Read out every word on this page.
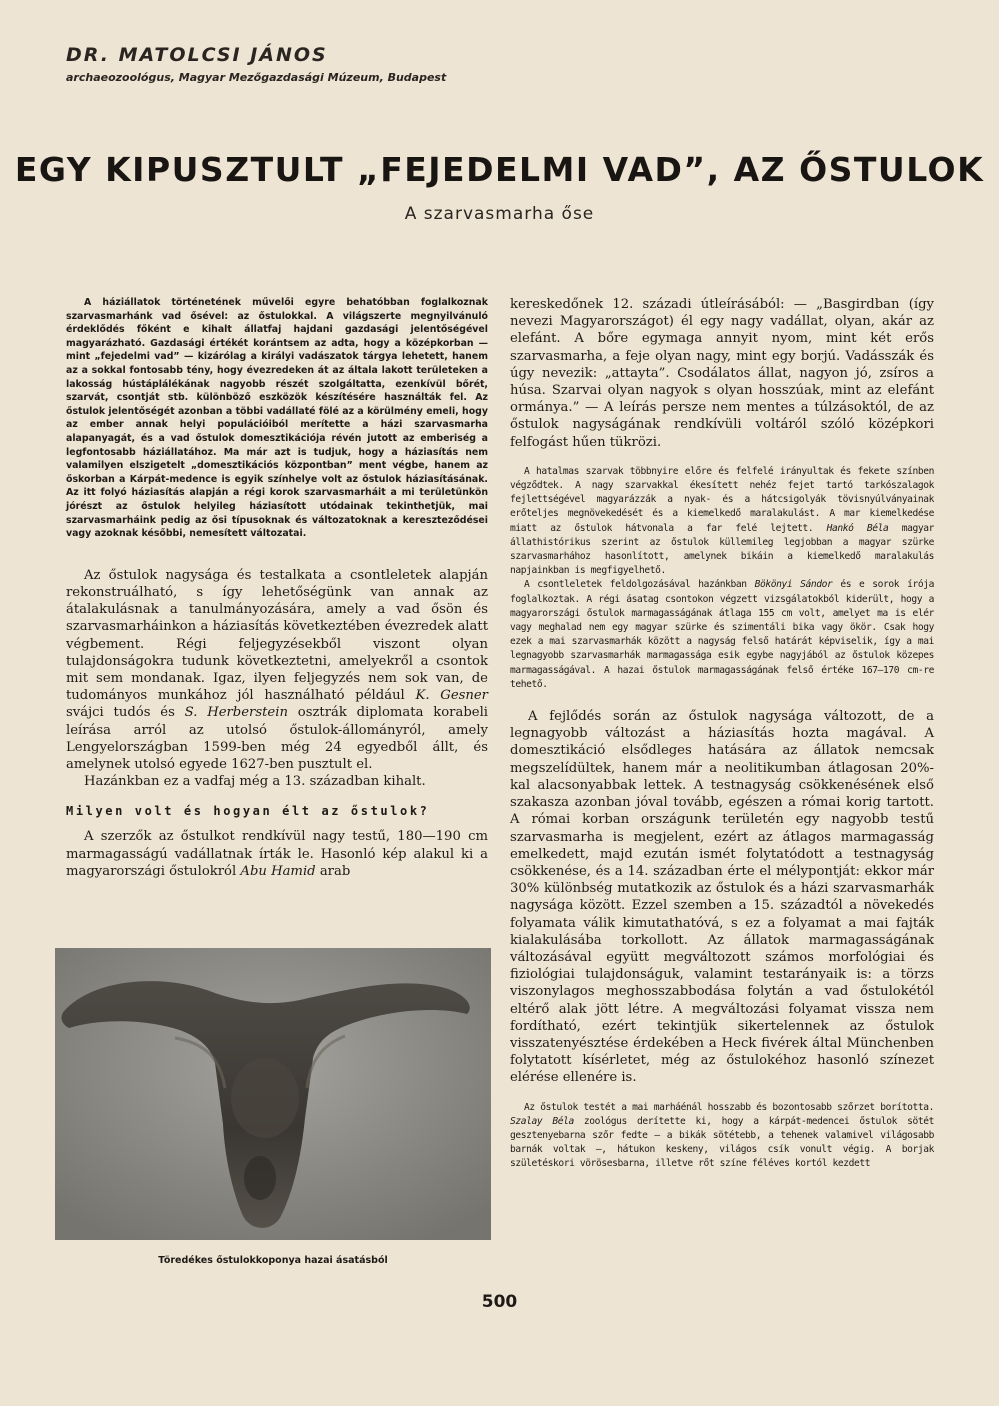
DR. MATOLCSI JÁNOS
archaeozoológus, Magyar Mezőgazdasági Múzeum, Budapest
EGY KIPUSZTULT „FEJEDELMI VAD”, AZ ŐSTULOK
A szarvasmarha őse

A háziállatok történetének művelői egyre behatóbban foglalkoznak szarvasmarhánk vad ősével: az őstulokkal. A világszerte megnyilvánuló érdeklődés főként e kihalt állatfaj hajdani gazdasági jelentőségével magyarázható. Gazdasági értékét korántsem az adta, hogy a középkorban — mint „fejedelmi vad” — kizárólag a királyi vadászatok tárgya lehetett, hanem az a sokkal fontosabb tény, hogy évezredeken át az általa lakott területeken a lakosság hústáplálékának nagyobb részét szolgáltatta, ezenkívül bőrét, szarvát, csontját stb. különböző eszközök készítésére használták fel. Az őstulok jelentőségét azonban a többi vadállaté fölé az a körülmény emeli, hogy az ember annak helyi populációiból merítette a házi szarvasmarha alapanyagát, és a vad őstulok domesztikációja révén jutott az emberiség a legfontosabb háziállatához. Ma már azt is tudjuk, hogy a háziasítás nem valamilyen elszigetelt „domesztikációs központban” ment végbe, hanem az őskorban a Kárpát-medence is egyik színhelye volt az őstulok háziasításának. Az itt folyó háziasítás alapján a régi korok szarvasmarháit a mi területünkön jórészt az őstulok helyileg háziasított utódainak tekinthetjük, mai szarvasmarháink pedig az ősi típusoknak és változatoknak a kereszteződései vagy azoknak későbbi, nemesített változatai.

Az őstulok nagysága és testalkata a csontleletek alapján rekonstruálható, s így lehetőségünk van annak az átalakulásnak a tanulmányozására, amely a vad ősön és szarvasmarháinkon a háziasítás következtében évezredek alatt végbement. Régi feljegyzésekből viszont olyan tulajdonságokra tudunk következtetni, amelyekről a csontok mit sem mondanak. Igaz, ilyen feljegyzés nem sok van, de tudományos munkához jól használható például K. Gesner svájci tudós és S. Herberstein osztrák diplomata korabeli leírása arról az utolsó őstulok-állományról, amely Lengyelországban 1599-ben még 24 egyedből állt, és amelynek utolsó egyede 1627-ben pusztult el.

Hazánkban ez a vadfaj még a 13. században kihalt.

Milyen volt és hogyan élt az őstulok?

A szerzők az őstulkot rendkívül nagy testű, 180—190 cm marmagasságú vadállatnak írták le. Hasonló kép alakul ki a magyarországi őstulokról Abu Hamid arab

Töredékes őstulokkoponya hazai ásatásból

kereskedőnek 12. századi útleírásából: — „Basgirdban (így nevezi Magyarországot) él egy nagy vadállat, olyan, akár az elefánt. A bőre egymaga annyit nyom, mint két erős szarvasmarha, a feje olyan nagy, mint egy borjú. Vadásszák és úgy nevezik: „attayta”. Csodálatos állat, nagyon jó, zsíros a húsa. Szarvai olyan nagyok s olyan hosszúak, mint az elefánt ormánya.” — A leírás persze nem mentes a túlzásoktól, de az őstulok nagyságának rendkívüli voltáról szóló középkori felfogást hűen tükrözi.

A hatalmas szarvak többnyire előre és felfelé irányultak és fekete színben végződtek. A nagy szarvakkal ékesített nehéz fejet tartó tarkószalagok fejlettségével magyarázzák a nyak- és a hátcsigolyák tövisnyúlványainak erőteljes megnövekedését és a kiemelkedő maralakulást. A mar kiemelkedése miatt az őstulok hátvonala a far felé lejtett. Hankó Béla magyar állathistórikus szerint az őstulok küllemileg legjobban a magyar szürke szarvasmarhához hasonlított, amelynek bikáin a kiemelkedő maralakulás napjainkban is megfigyelhető.

A csontleletek feldolgozásával hazánkban Bökönyi Sándor és e sorok írója foglalkoztak. A régi ásatag csontokon végzett vizsgálatokból kiderült, hogy a magyarországi őstulok marmagasságának átlaga 155 cm volt, amelyet ma is elér vagy meghalad nem egy magyar szürke és szimentáli bika vagy ökör. Csak hogy ezek a mai szarvasmarhák között a nagyság felső határát képviselik, így a mai legnagyobb szarvasmarhák marmagassága esik egybe nagyjából az őstulok közepes marmagasságával. A hazai őstulok marmagasságának felső értéke 167—170 cm-re tehető.

A fejlődés során az őstulok nagysága változott, de a legnagyobb változást a háziasítás hozta magával. A domesztikáció elsődleges hatására az állatok nemcsak megszelídültek, hanem már a neolitikumban átlagosan 20%-kal alacsonyabbak lettek. A testnagyság csökkenésének első szakasza azonban jóval tovább, egészen a római korig tartott. A római korban országunk területén egy nagyobb testű szarvasmarha is megjelent, ezért az átlagos marmagasság emelkedett, majd ezután ismét folytatódott a testnagyság csökkenése, és a 14. században érte el mélypontját: ekkor már 30% különbség mutatkozik az őstulok és a házi szarvasmarhák nagysága között. Ezzel szemben a 15. századtól a növekedés folyamata válik kimutathatóvá, s ez a folyamat a mai fajták kialakulásába torkollott. Az állatok marmagasságának változásával együtt megváltozott számos morfológiai és fiziológiai tulajdonságuk, valamint testarányaik is: a törzs viszonylagos meghosszabbodása folytán a vad őstulokétól eltérő alak jött létre. A megváltozási folyamat vissza nem fordítható, ezért tekintjük sikertelennek az őstulok visszatenyésztése érdekében a Heck fivérek által Münchenben folytatott kísérletet, még az őstulokéhoz hasonló színezet elérése ellenére is.

Az őstulok testét a mai marháénál hosszabb és bozontosabb szőrzet borította. Szalay Béla zoológus derítette ki, hogy a kárpát-medencei őstulok sötét gesztenyebarna szőr fedte — a bikák sötétebb, a tehenek valamivel világosabb barnák voltak —, hátukon keskeny, világos csík vonult végig. A borjak születéskori vörösesbarna, illetve rőt színe féléves kortól kezdett

500
